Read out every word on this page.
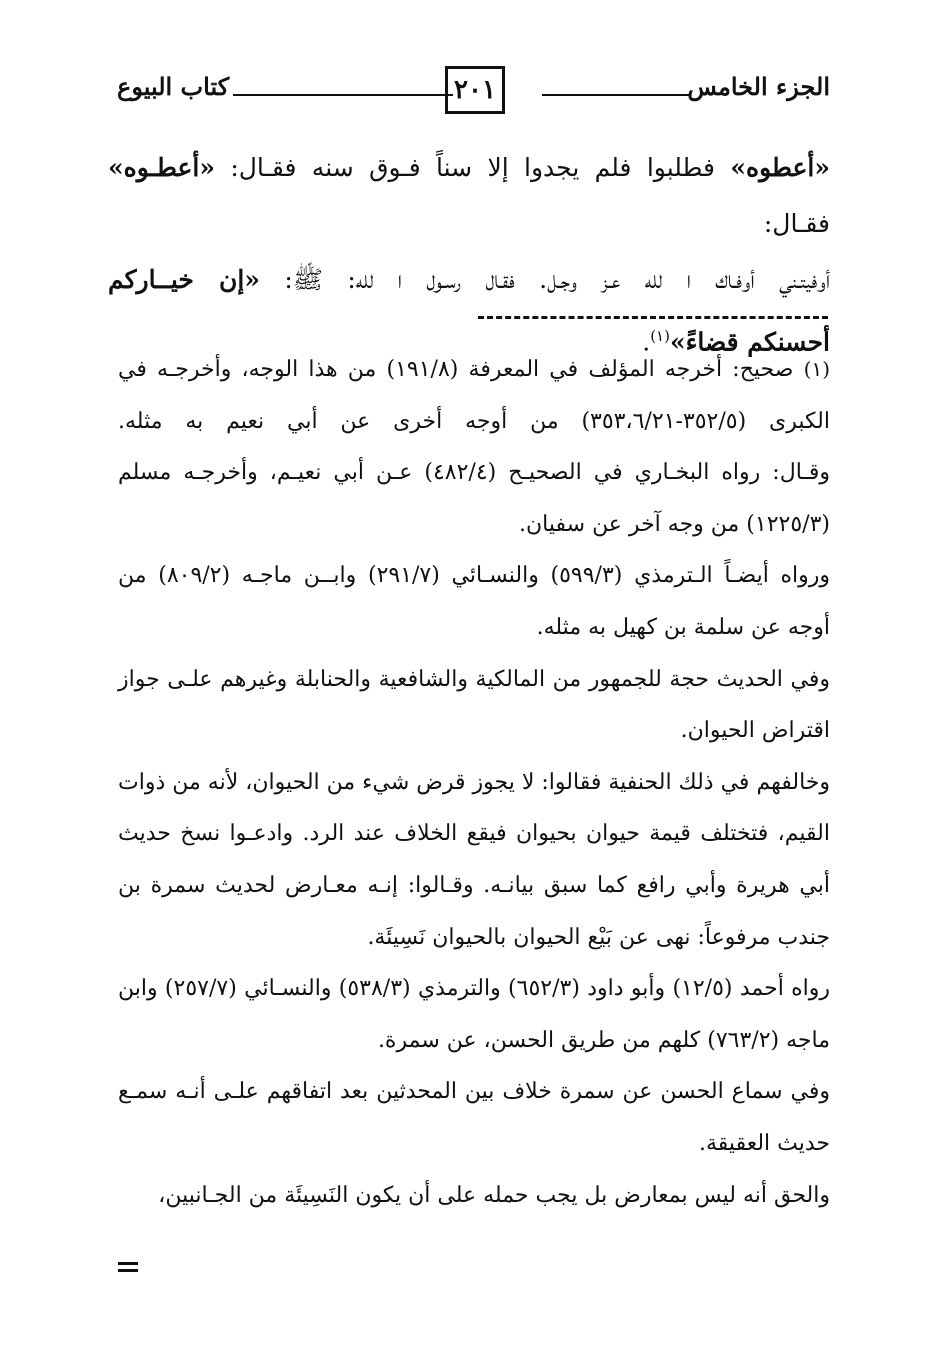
الجزء الخامس
٢٠١
كتاب البيوع

«أعطوه» فطلبوا فلم يجدوا إلا سناً فـوق سنه فقـال: «أعطـوه» فقـال:

أوفيتـني أوفـاك ا لله عـز وجـل. فقـال رسـول ا لله: ﷺ: «إن خيــاركم

أحسنكم قضاءً»$^{(١)}$.

(١) صحيح: أخرجه المؤلف في المعرفة (١٩١/٨) من هذا الوجه، وأخرجـه في الكبرى (٣٥٢/٥-٣٥٣،٦/٢١) من أوجه أخرى عن أبي نعيم به مثله.

وقـال: رواه البخـاري في الصحيـح (٤٨٢/٤) عـن أبي نعيـم، وأخرجـه مسلم (١٢٢٥/٣) من وجه آخر عن سفيان.

ورواه أيضـاً الـترمذي (٥٩٩/٣) والنسـائي (٢٩١/٧) وابــن ماجـه (٨٠٩/٢) من أوجه عن سلمة بن كهيل به مثله.

وفي الحديث حجة للجمهور من المالكية والشافعية والحنابلة وغيرهم علـى جواز اقتراض الحيوان.

وخالفهم في ذلك الحنفية فقالوا: لا يجوز قرض شيء من الحيوان، لأنه من ذوات القيم، فتختلف قيمة حيوان بحيوان فيقع الخلاف عند الرد. وادعـوا نسخ حديث أبي هريرة وأبي رافع كما سبق بيانـه. وقـالوا: إنـه معـارض لحديث سمرة بن جندب مرفوعاً: نهى عن بَيْع الحيوان بالحيوان نَسِيئَة.

رواه أحمد (١٢/٥) وأبو داود (٦٥٢/٣) والترمذي (٥٣٨/٣) والنسـائي (٢٥٧/٧) وابن ماجه (٧٦٣/٢) كلهم من طريق الحسن، عن سمرة.

وفي سماع الحسن عن سمرة خلاف بين المحدثين بعد اتفاقهم علـى أنـه سمـع حديث العقيقة.

والحق أنه ليس بمعارض بل يجب حمله على أن يكون النَسِيئَة من الجـانبين،
